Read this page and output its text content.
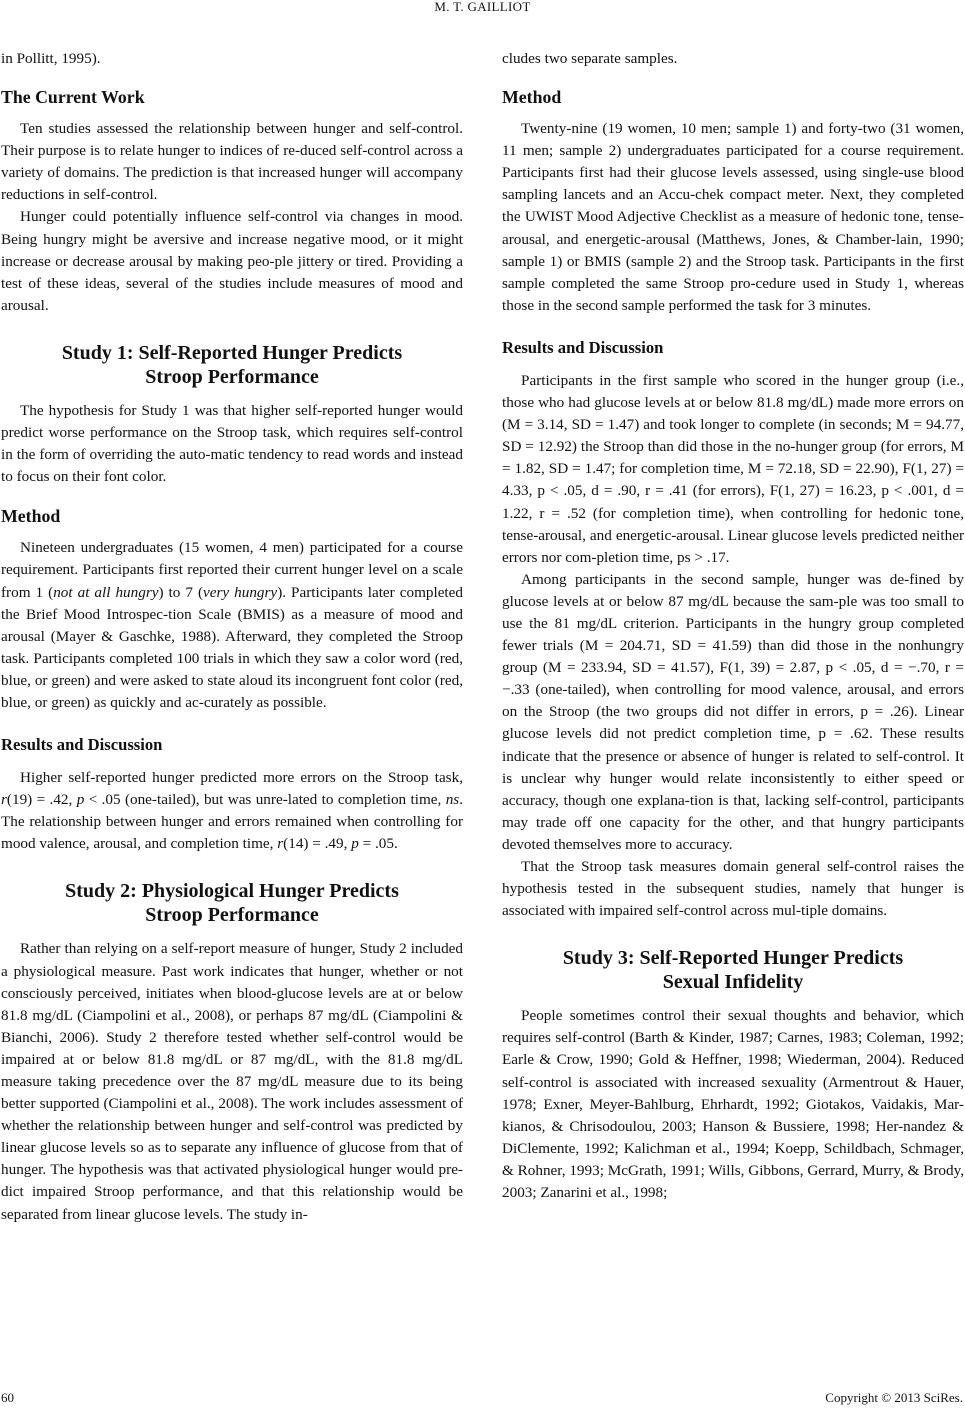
M. T. GAILLIOT

in Pollitt, 1995).

The Current Work

Ten studies assessed the relationship between hunger and self-control. Their purpose is to relate hunger to indices of re-duced self-control across a variety of domains. The prediction is that increased hunger will accompany reductions in self-control.

Hunger could potentially influence self-control via changes in mood. Being hungry might be aversive and increase negative mood, or it might increase or decrease arousal by making peo-ple jittery or tired. Providing a test of these ideas, several of the studies include measures of mood and arousal.

Study 1: Self-Reported Hunger Predicts
Stroop Performance

The hypothesis for Study 1 was that higher self-reported hunger would predict worse performance on the Stroop task, which requires self-control in the form of overriding the auto-matic tendency to read words and instead to focus on their font color.

Method

Nineteen undergraduates (15 women, 4 men) participated for a course requirement. Participants first reported their current hunger level on a scale from 1 (not at all hungry) to 7 (very hungry). Participants later completed the Brief Mood Introspec-tion Scale (BMIS) as a measure of mood and arousal (Mayer & Gaschke, 1988). Afterward, they completed the Stroop task. Participants completed 100 trials in which they saw a color word (red, blue, or green) and were asked to state aloud its incongruent font color (red, blue, or green) as quickly and ac-curately as possible.

Results and Discussion

Higher self-reported hunger predicted more errors on the Stroop task, r(19) = .42, p < .05 (one-tailed), but was unre-lated to completion time, ns. The relationship between hunger and errors remained when controlling for mood valence, arousal, and completion time, r(14) = .49, p = .05.

Study 2: Physiological Hunger Predicts
Stroop Performance

Rather than relying on a self-report measure of hunger, Study 2 included a physiological measure. Past work indicates that hunger, whether or not consciously perceived, initiates when blood-glucose levels are at or below 81.8 mg/dL (Ciampolini et al., 2008), or perhaps 87 mg/dL (Ciampolini & Bianchi, 2006). Study 2 therefore tested whether self-control would be impaired at or below 81.8 mg/dL or 87 mg/dL, with the 81.8 mg/dL measure taking precedence over the 87 mg/dL measure due to its being better supported (Ciampolini et al., 2008). The work includes assessment of whether the relationship between hunger and self-control was predicted by linear glucose levels so as to separate any influence of glucose from that of hunger. The hypothesis was that activated physiological hunger would pre-dict impaired Stroop performance, and that this relationship would be separated from linear glucose levels. The study in-

cludes two separate samples.

Method

Twenty-nine (19 women, 10 men; sample 1) and forty-two (31 women, 11 men; sample 2) undergraduates participated for a course requirement. Participants first had their glucose levels assessed, using single-use blood sampling lancets and an Accu-chek compact meter. Next, they completed the UWIST Mood Adjective Checklist as a measure of hedonic tone, tense-arousal, and energetic-arousal (Matthews, Jones, & Chamber-lain, 1990; sample 1) or BMIS (sample 2) and the Stroop task. Participants in the first sample completed the same Stroop pro-cedure used in Study 1, whereas those in the second sample performed the task for 3 minutes.

Results and Discussion

Participants in the first sample who scored in the hunger group (i.e., those who had glucose levels at or below 81.8 mg/dL) made more errors on (M = 3.14, SD = 1.47) and took longer to complete (in seconds; M = 94.77, SD = 12.92) the Stroop than did those in the no-hunger group (for errors, M = 1.82, SD = 1.47; for completion time, M = 72.18, SD = 22.90), F(1, 27) = 4.33, p < .05, d = .90, r = .41 (for errors), F(1, 27) = 16.23, p < .001, d = 1.22, r = .52 (for completion time), when controlling for hedonic tone, tense-arousal, and energetic-arousal. Linear glucose levels predicted neither errors nor com-pletion time, ps > .17.

Among participants in the second sample, hunger was de-fined by glucose levels at or below 87 mg/dL because the sam-ple was too small to use the 81 mg/dL criterion. Participants in the hungry group completed fewer trials (M = 204.71, SD = 41.59) than did those in the nonhungry group (M = 233.94, SD = 41.57), F(1, 39) = 2.87, p < .05, d = −.70, r = −.33 (one-tailed), when controlling for mood valence, arousal, and errors on the Stroop (the two groups did not differ in errors, p = .26). Linear glucose levels did not predict completion time, p = .62. These results indicate that the presence or absence of hunger is related to self-control. It is unclear why hunger would relate inconsistently to either speed or accuracy, though one explana-tion is that, lacking self-control, participants may trade off one capacity for the other, and that hungry participants devoted themselves more to accuracy.

That the Stroop task measures domain general self-control raises the hypothesis tested in the subsequent studies, namely that hunger is associated with impaired self-control across mul-tiple domains.

Study 3: Self-Reported Hunger Predicts
Sexual Infidelity

People sometimes control their sexual thoughts and behavior, which requires self-control (Barth & Kinder, 1987; Carnes, 1983; Coleman, 1992; Earle & Crow, 1990; Gold & Heffner, 1998; Wiederman, 2004). Reduced self-control is associated with increased sexuality (Armentrout & Hauer, 1978; Exner, Meyer-Bahlburg, Ehrhardt, 1992; Giotakos, Vaidakis, Mar-kianos, & Chrisodoulou, 2003; Hanson & Bussiere, 1998; Her-nandez & DiClemente, 1992; Kalichman et al., 1994; Koepp, Schildbach, Schmager, & Rohner, 1993; McGrath, 1991; Wills, Gibbons, Gerrard, Murry, & Brody, 2003; Zanarini et al., 1998;

60	Copyright © 2013 SciRes.
